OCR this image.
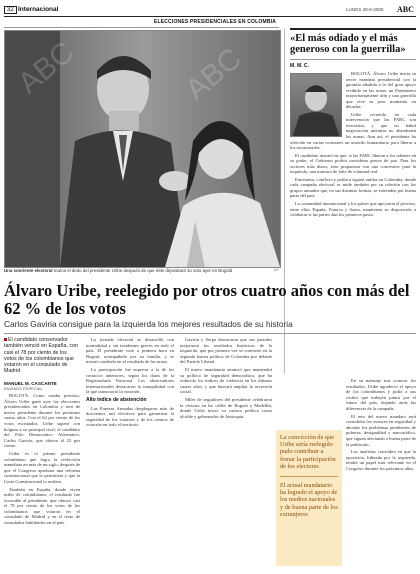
32 Internacional	LUNES 29-5-2006 ABC
ELECCIONES PRESIDENCIALES EN COLOMBIA
ABC	ABC
Una sonriente electoral marca el dedo del presidente Uribe después de que éste depositara su voto ayer en Bogotá	AP
«El más odiado y el más generoso con la guerrilla»
M. M. C.

BOGOTÁ. Álvaro Uribe inicia su tercer mandato presidencial con la garantía añadida a la del gran apoyo recibido en las urnas: un Parlamento mayoritariamente afín y una guerrilla que vive su peor momento en décadas.

Uribe recuerda en cada intervención que las FARC son terroristas y que no habrá negociación mientras no abandonen las armas. Aun así, el presidente ha ofrecido en varias ocasiones un acuerdo humanitario para liberar a los secuestrados.

El candidato insistió en que, si las FARC liberan a los rehenes en su poder, el Gobierno podría considerar gestos de paz. Para los sectores más duros, esas propuestas son una concesión; para la izquierda, una muestra de falta de voluntad real.

Entretanto, conflicto y política siguen unidos en Colombia, donde cada campaña electoral se mide también por su relación con los grupos armados que, en sus distintas formas, se extienden por buena parte del país.

La comunidad internacional y los países que apoyaron el proceso, entre ellos España, Francia y Suiza, mantienen su disposición a colaborar si las partes dan los primeros pasos.

Álvaro Uribe, reelegido por otros cuatro años con más del 62 % de los votos
Carlos Gaviria consigue para la izquierda los mejores resultados de su historia
El candidato conservador también venció en España, con casi el 78 por ciento de los votos de los colombianos que votaron en el consulado de Madrid
MANUEL M. CASCANTE
ENVIADO ESPECIAL

BOGOTÁ. Como estaba previsto, Álvaro Uribe ganó ayer las elecciones presidenciales en Colombia y será de nuevo presidente durante los próximos cuatro años. Con el 62 por ciento de los votos escrutados, Uribe superó con holgura a su principal rival, el candidato del Polo Democrático Alternativo, Carlos Gaviria, que obtuvo el 22 por ciento.

Uribe es el primer presidente colombiano que logra la reelección inmediata en más de un siglo, después de que el Congreso aprobara una reforma constitucional que lo permitiera y que la Corte Constitucional la avalara.

También en España, donde viven miles de colombianos, el resultado fue favorable al presidente, que obtuvo casi el 78 por ciento de los votos de los colombianos que votaron en el consulado de Madrid y en el resto de consulados habilitados en el país.

La jornada electoral se desarrolló con normalidad y sin incidentes graves en todo el país. El presidente votó a primera hora en Bogotá, acompañado por su familia, y se mostró confiado en el resultado de las urnas.

La participación fue superior a la de los comicios anteriores, según los datos de la Registraduría Nacional. Los observadores internacionales destacaron la tranquilidad con la que transcurrió la votación.

Alto índice de abstención

Las Fuerzas Armadas desplegaron más de doscientos mil efectivos para garantizar la seguridad de los votantes y de los centros de votación en todo el territorio.

Gaviria y Serpa destacaron que sus partidos mejoraron los resultados históricos de la izquierda, que por primera vez se convierte en la segunda fuerza política de Colombia por delante del Partido Liberal.

El nuevo mandatario anunció que mantendrá su política de seguridad democrática, que ha reducido los índices de violencia en los últimos cuatro años, y que buscará ampliar la inversión social.

Miles de seguidores del presidente celebraron la victoria en las calles de Bogotá y Medellín, donde Uribe inició su carrera política como alcalde y gobernador de Antioquia.

La convicción de que Uribe sería reelegido pudo contribuir a frenar la participación de los electores
El actual mandatario ha logrado el apoyo de los medios nacionales y de buena parte de los extranjeros

En su mensaje tras conocer los resultados, Uribe agradeció el apoyo de los colombianos y pidió a sus rivales que trabajen juntos por el futuro del país, dejando atrás las diferencias de la campaña.

El reto del nuevo mandato será consolidar los avances en seguridad y abordar los problemas pendientes de pobreza, desigualdad y narcotráfico, que siguen afectando a buena parte de la población.

Los analistas coinciden en que la oposición, liderada por la izquierda, tendrá un papel más relevante en el Congreso durante los próximos años.
